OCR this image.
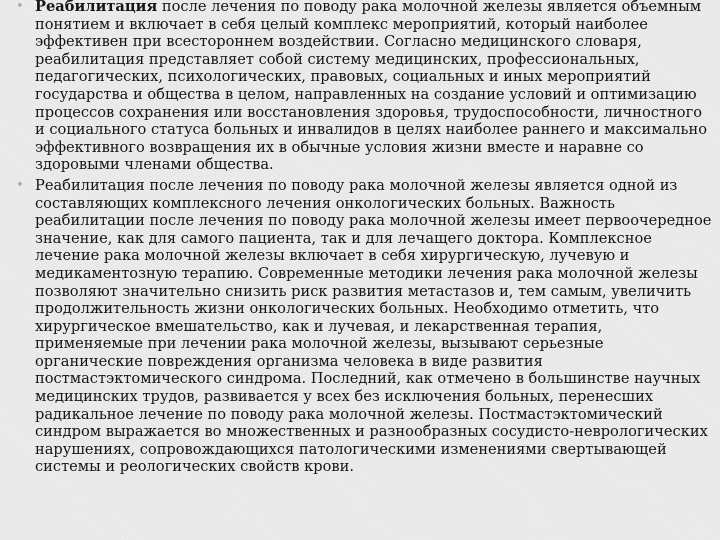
• Реабилитация после лечения по поводу рака молочной железы является объемным понятием и включает в себя целый комплекс мероприятий, который наиболее эффективен при всестороннем воздействии. Согласно медицинского словаря, реабилитация представляет собой систему медицинских, профессиональных, педагогических, психологических, правовых, социальных и иных мероприятий государства и общества в целом, направленных на создание условий и оптимизацию процессов сохранения или восстановления здоровья, трудоспособности, личностного и социального статуса больных и инвалидов в целях наиболее раннего и максимально эффективного возвращения их в обычные условия жизни вместе и наравне со здоровыми членами общества.
• Реабилитация после лечения по поводу рака молочной железы является одной из составляющих комплексного лечения онкологических больных. Важность реабилитации после лечения по поводу рака молочной железы имеет первоочередное значение, как для самого пациента, так и для лечащего доктора. Комплексное лечение рака молочной железы включает в себя хирургическую, лучевую и медикаментозную терапию. Современные методики лечения рака молочной железы позволяют значительно снизить риск развития метастазов и, тем самым, увеличить продолжительность жизни онкологических больных. Необходимо отметить, что хирургическое вмешательство, как и лучевая, и лекарственная терапия, применяемые при лечении рака молочной железы, вызывают серьезные органические повреждения организма человека в виде развития постмастэктомического синдрома. Последний, как отмечено в большинстве научных медицинских трудов, развивается у всех без исключения больных, перенесших радикальное лечение по поводу рака молочной железы. Постмастэктомический синдром выражается во множественных и разнообразных сосудисто-неврологических нарушениях, сопровождающихся патологическими изменениями свертывающей системы и реологических свойств крови.
